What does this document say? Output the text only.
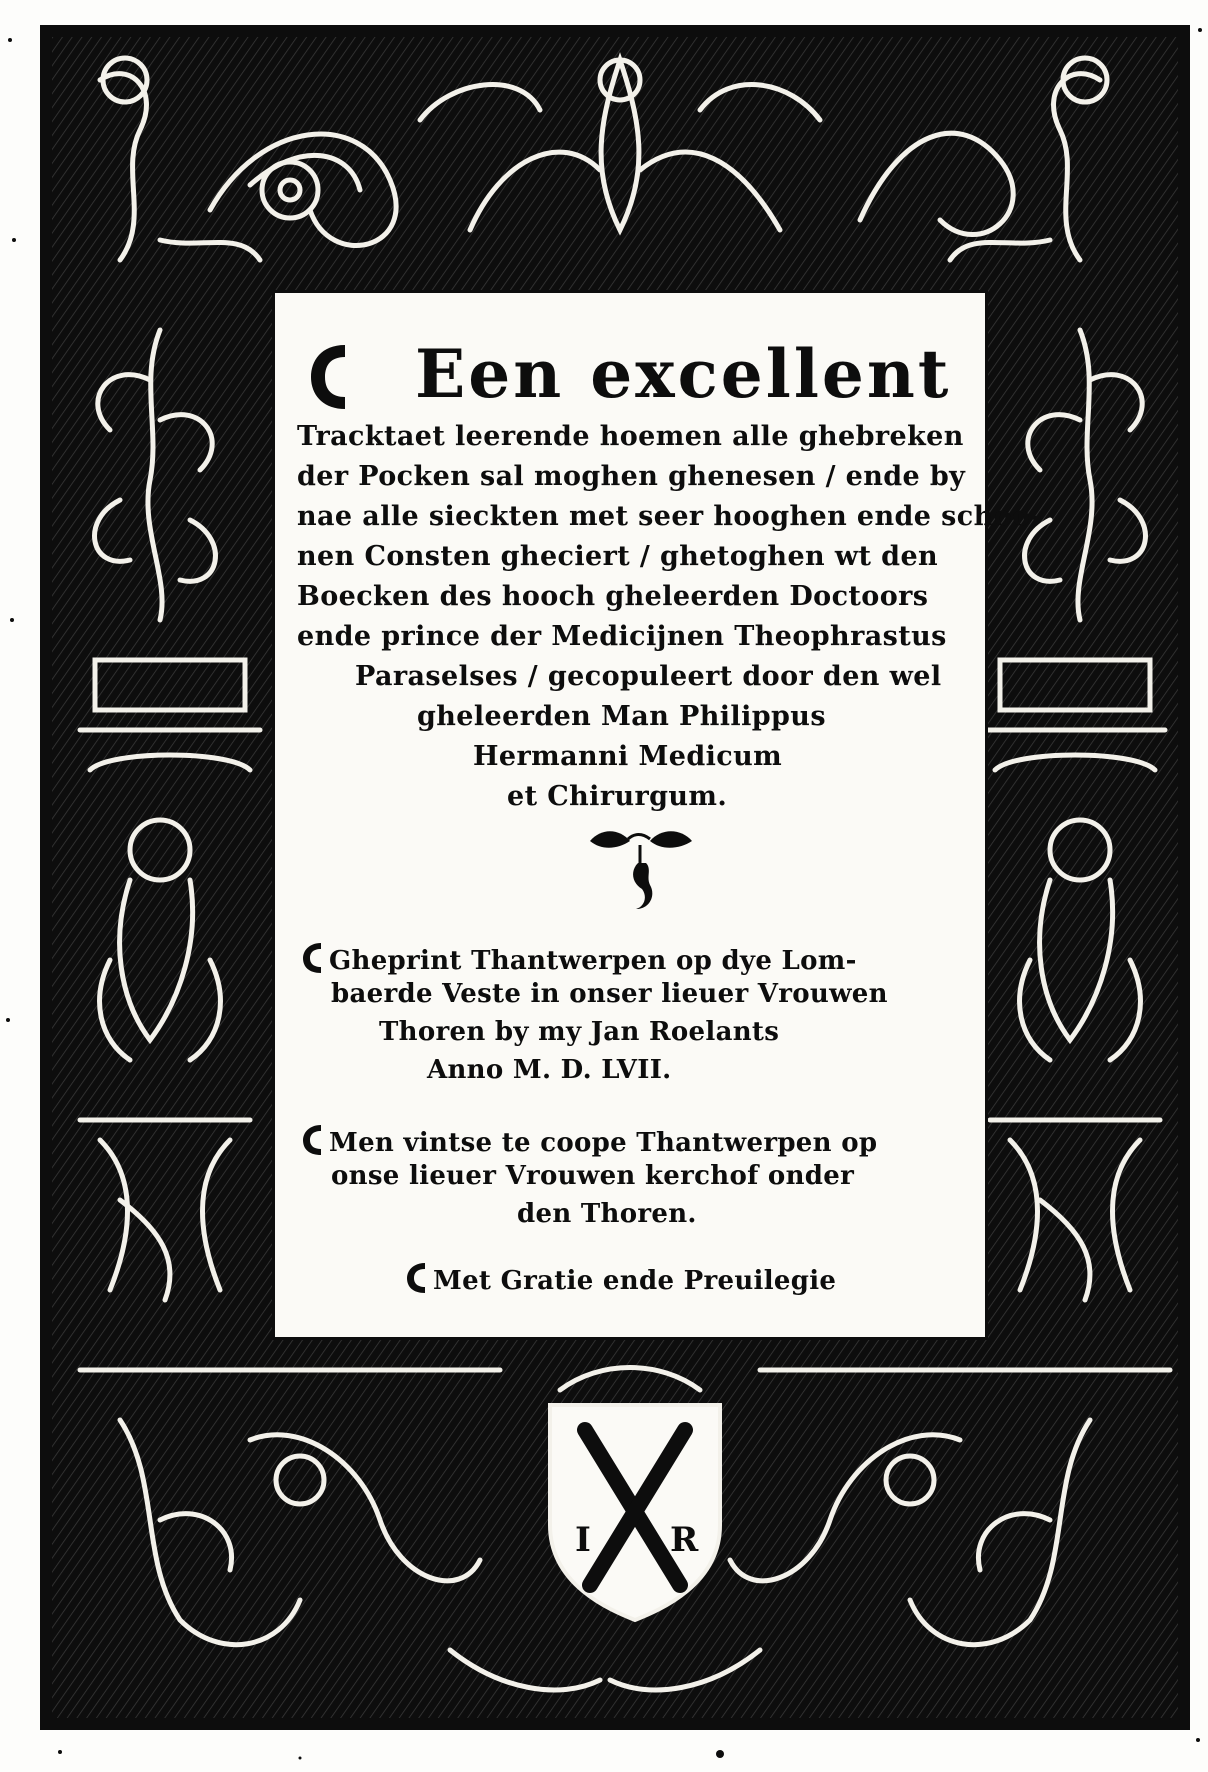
I R
Een excellent
Tracktaet leerende hoemen alle ghebreken
der Pocken sal moghen ghenesen / ende by
nae alle sieckten met seer hooghen ende schoo-
nen Consten gheciert / ghetoghen wt den
Boecken des hooch gheleerden Doctoors
ende prince der Medicijnen Theophrastus
Paraselses / gecopuleert door den wel
gheleerden Man Philippus
Hermanni Medicum
et Chirurgum.
Gheprint Thantwerpen op dye Lom-
baerde Veste in onser lieuer Vrouwen
Thoren by my Jan Roelants
Anno M. D. LVII.
Men vintse te coope Thantwerpen op
onse lieuer Vrouwen kerchof onder
den Thoren.
Met Gratie ende Preuilegie
